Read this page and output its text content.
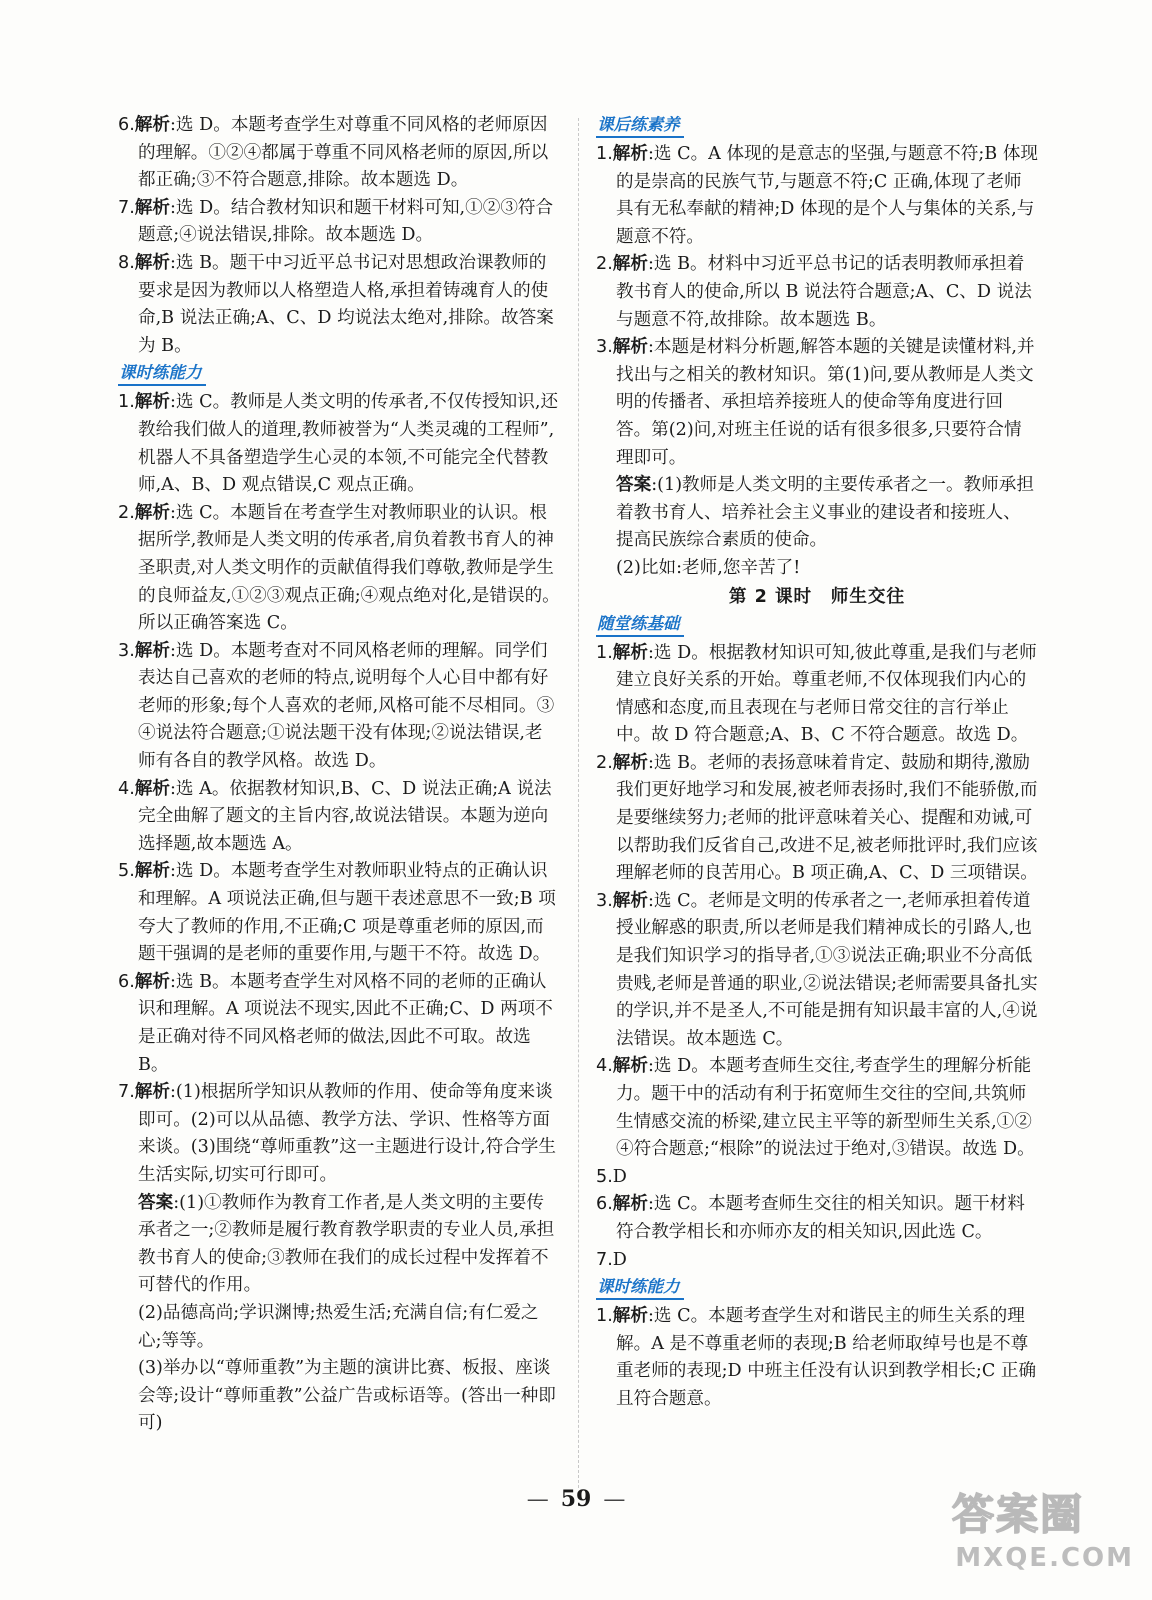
6.解析:选 D。本题考查学生对尊重不同风格的老师原因的理解。①②④都属于尊重不同风格老师的原因,所以都正确;③不符合题意,排除。故本题选 D。
7.解析:选 D。结合教材知识和题干材料可知,①②③符合题意;④说法错误,排除。故本题选 D。
8.解析:选 B。题干中习近平总书记对思想政治课教师的要求是因为教师以人格塑造人格,承担着铸魂育人的使命,B 说法正确;A、C、D 均说法太绝对,排除。故答案为 B。
课时练能力
1.解析:选 C。教师是人类文明的传承者,不仅传授知识,还教给我们做人的道理,教师被誉为“人类灵魂的工程师”,机器人不具备塑造学生心灵的本领,不可能完全代替教师,A、B、D 观点错误,C 观点正确。
2.解析:选 C。本题旨在考查学生对教师职业的认识。根据所学,教师是人类文明的传承者,肩负着教书育人的神圣职责,对人类文明作的贡献值得我们尊敬,教师是学生的良师益友,①②③观点正确;④观点绝对化,是错误的。所以正确答案选 C。
3.解析:选 D。本题考查对不同风格老师的理解。同学们表达自己喜欢的老师的特点,说明每个人心目中都有好老师的形象;每个人喜欢的老师,风格可能不尽相同。③④说法符合题意;①说法题干没有体现;②说法错误,老师有各自的教学风格。故选 D。
4.解析:选 A。依据教材知识,B、C、D 说法正确;A 说法完全曲解了题文的主旨内容,故说法错误。本题为逆向选择题,故本题选 A。
5.解析:选 D。本题考查学生对教师职业特点的正确认识和理解。A 项说法正确,但与题干表述意思不一致;B 项夸大了教师的作用,不正确;C 项是尊重老师的原因,而题干强调的是老师的重要作用,与题干不符。故选 D。
6.解析:选 B。本题考查学生对风格不同的老师的正确认识和理解。A 项说法不现实,因此不正确;C、D 两项不是正确对待不同风格老师的做法,因此不可取。故选 B。
7.解析:(1)根据所学知识从教师的作用、使命等角度来谈即可。(2)可以从品德、教学方法、学识、性格等方面来谈。(3)围绕“尊师重教”这一主题进行设计,符合学生生活实际,切实可行即可。
答案:(1)①教师作为教育工作者,是人类文明的主要传承者之一;②教师是履行教育教学职责的专业人员,承担教书育人的使命;③教师在我们的成长过程中发挥着不可替代的作用。
(2)品德高尚;学识渊博;热爱生活;充满自信;有仁爱之心;等等。
(3)举办以“尊师重教”为主题的演讲比赛、板报、座谈会等;设计“尊师重教”公益广告或标语等。(答出一种即可)
课后练素养
1.解析:选 C。A 体现的是意志的坚强,与题意不符;B 体现的是崇高的民族气节,与题意不符;C 正确,体现了老师具有无私奉献的精神;D 体现的是个人与集体的关系,与题意不符。
2.解析:选 B。材料中习近平总书记的话表明教师承担着教书育人的使命,所以 B 说法符合题意;A、C、D 说法与题意不符,故排除。故本题选 B。
3.解析:本题是材料分析题,解答本题的关键是读懂材料,并找出与之相关的教材知识。第(1)问,要从教师是人类文明的传播者、承担培养接班人的使命等角度进行回答。第(2)问,对班主任说的话有很多很多,只要符合情理即可。
答案:(1)教师是人类文明的主要传承者之一。教师承担着教书育人、培养社会主义事业的建设者和接班人、提高民族综合素质的使命。
(2)比如:老师,您辛苦了!
第 2 课时　师生交往
随堂练基础
1.解析:选 D。根据教材知识可知,彼此尊重,是我们与老师建立良好关系的开始。尊重老师,不仅体现我们内心的情感和态度,而且表现在与老师日常交往的言行举止中。故 D 符合题意;A、B、C 不符合题意。故选 D。
2.解析:选 B。老师的表扬意味着肯定、鼓励和期待,激励我们更好地学习和发展,被老师表扬时,我们不能骄傲,而是要继续努力;老师的批评意味着关心、提醒和劝诫,可以帮助我们反省自己,改进不足,被老师批评时,我们应该理解老师的良苦用心。B 项正确,A、C、D 三项错误。
3.解析:选 C。老师是文明的传承者之一,老师承担着传道授业解惑的职责,所以老师是我们精神成长的引路人,也是我们知识学习的指导者,①③说法正确;职业不分高低贵贱,老师是普通的职业,②说法错误;老师需要具备扎实的学识,并不是圣人,不可能是拥有知识最丰富的人,④说法错误。故本题选 C。
4.解析:选 D。本题考查师生交往,考查学生的理解分析能力。题干中的活动有利于拓宽师生交往的空间,共筑师生情感交流的桥梁,建立民主平等的新型师生关系,①②④符合题意;“根除”的说法过于绝对,③错误。故选 D。
5.D
6.解析:选 C。本题考查师生交往的相关知识。题干材料符合教学相长和亦师亦友的相关知识,因此选 C。
7.D
课时练能力
1.解析:选 C。本题考查学生对和谐民主的师生关系的理解。A 是不尊重老师的表现;B 给老师取绰号也是不尊重老师的表现;D 中班主任没有认识到教学相长;C 正确且符合题意。
— 59 —	答案圈
MXQE.COM
